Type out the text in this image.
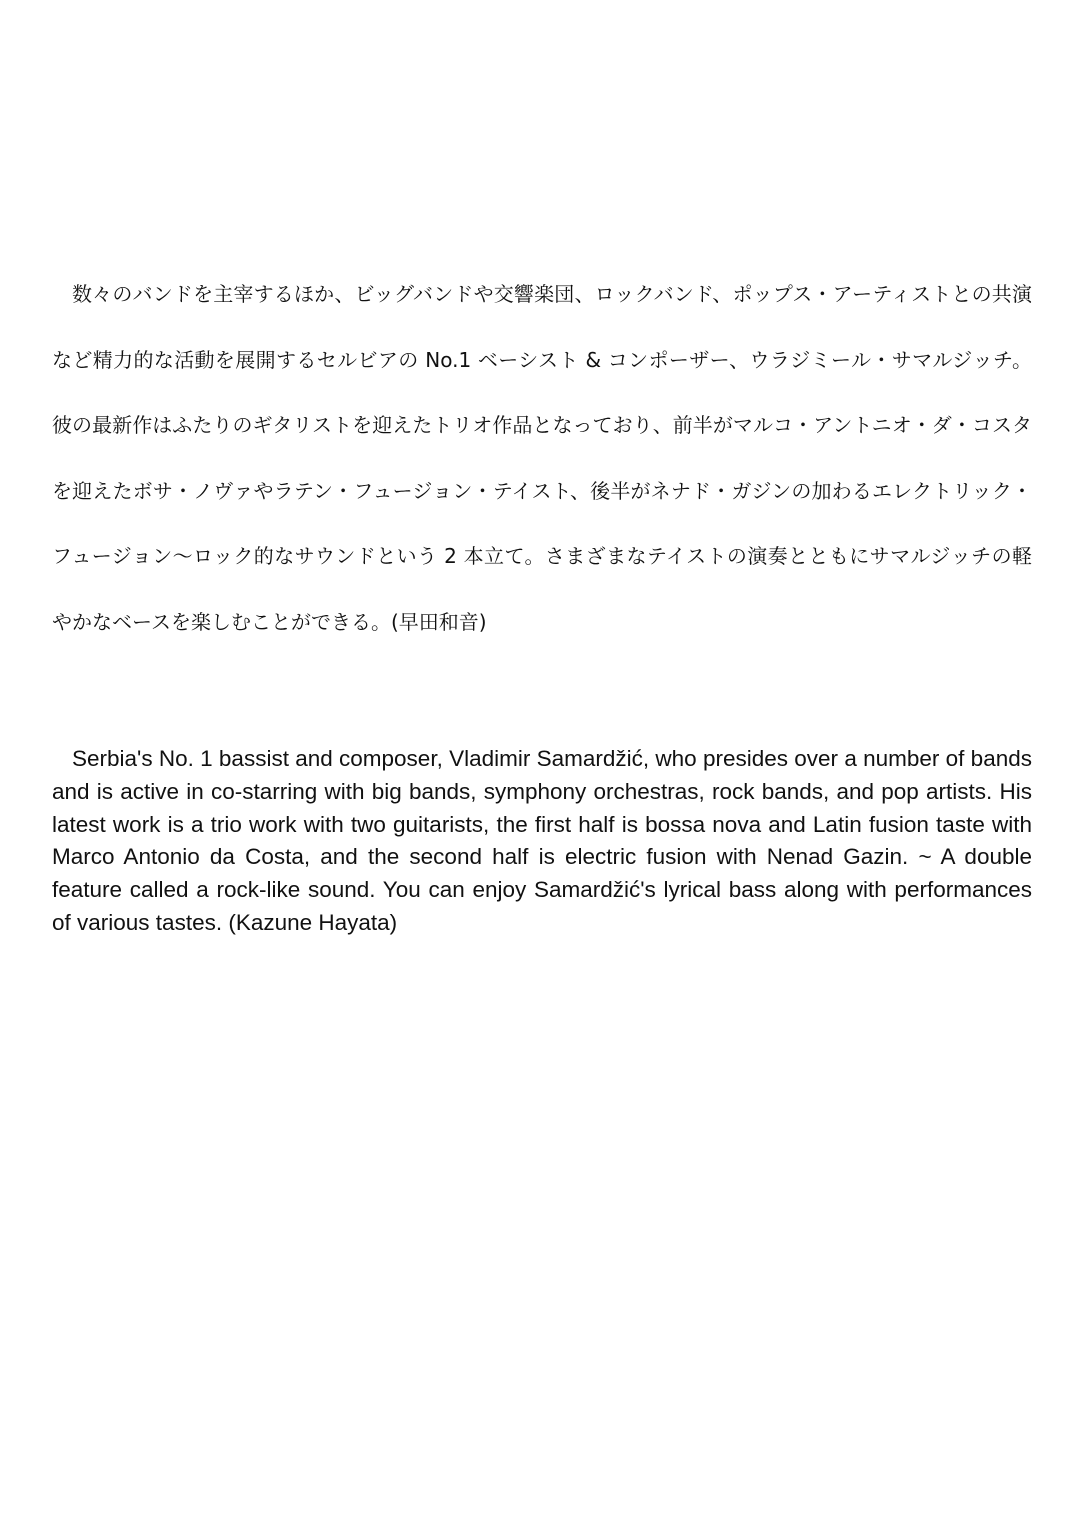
数々のバンドを主宰するほか、ビッグバンドや交響楽団、ロックバンド、ポップス・アーティストとの共演など精力的な活動を展開するセルビアの No.1 ベーシスト & コンポーザー、ウラジミール・サマルジッチ。彼の最新作はふたりのギタリストを迎えたトリオ作品となっており、前半がマルコ・アントニオ・ダ・コスタを迎えたボサ・ノヴァやラテン・フュージョン・テイスト、後半がネナド・ガジンの加わるエレクトリック・フュージョン〜ロック的なサウンドという 2 本立て。さまざまなテイストの演奏とともにサマルジッチの軽やかなベースを楽しむことができる。(早田和音)

Serbia's No. 1 bassist and composer, Vladimir Samardžić, who presides over a number of bands and is active in co-starring with big bands, symphony orchestras, rock bands, and pop artists. His latest work is a trio work with two guitarists, the first half is bossa nova and Latin fusion taste with Marco Antonio da Costa, and the second half is electric fusion with Nenad Gazin. ~ A double feature called a rock-like sound. You can enjoy Samardžić's lyrical bass along with performances of various tastes. (Kazune Hayata)
